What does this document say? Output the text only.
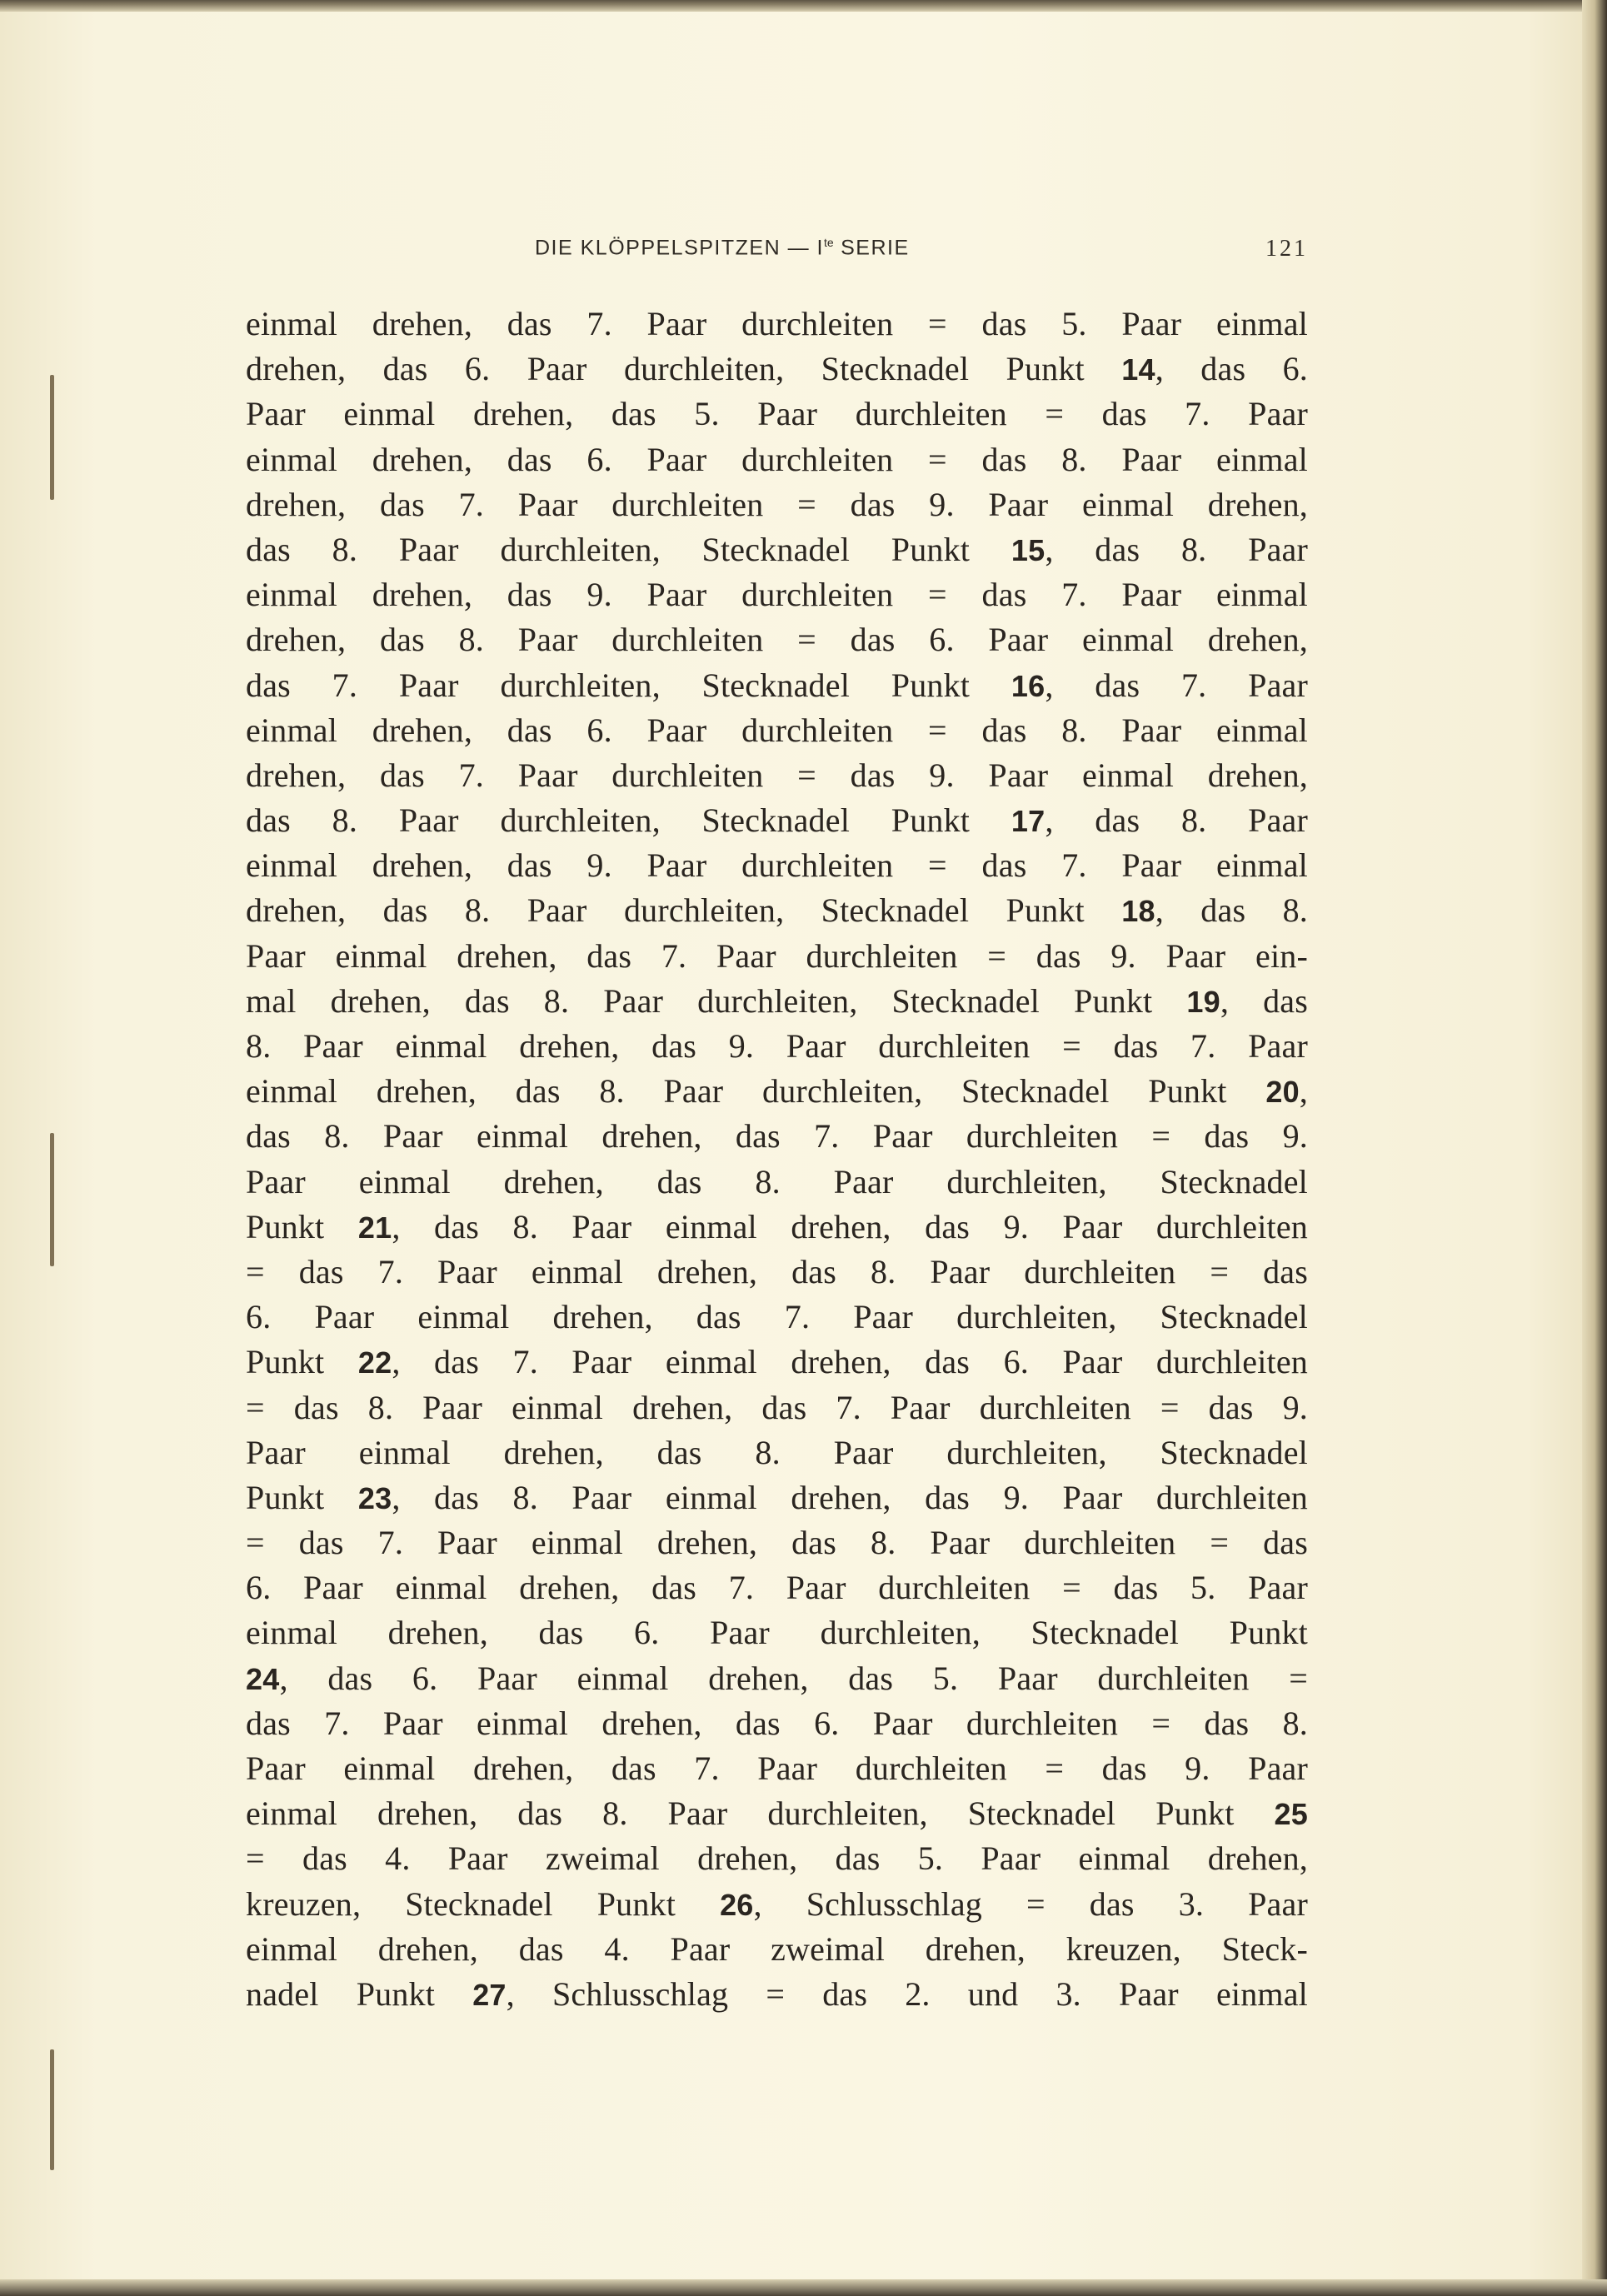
DIE KLÖPPELSPITZEN — $I^{te}$ SERIE	121
einmal drehen, das 7. Paar durchleiten = das 5. Paar einmal
drehen, das 6. Paar durchleiten, Stecknadel Punkt 14, das 6.
Paar einmal drehen, das 5. Paar durchleiten = das 7. Paar
einmal drehen, das 6. Paar durchleiten = das 8. Paar einmal
drehen, das 7. Paar durchleiten = das 9. Paar einmal drehen,
das 8. Paar durchleiten, Stecknadel Punkt 15, das 8. Paar
einmal drehen, das 9. Paar durchleiten = das 7. Paar einmal
drehen, das 8. Paar durchleiten = das 6. Paar einmal drehen,
das 7. Paar durchleiten, Stecknadel Punkt 16, das 7. Paar
einmal drehen, das 6. Paar durchleiten = das 8. Paar einmal
drehen, das 7. Paar durchleiten = das 9. Paar einmal drehen,
das 8. Paar durchleiten, Stecknadel Punkt 17, das 8. Paar
einmal drehen, das 9. Paar durchleiten = das 7. Paar einmal
drehen, das 8. Paar durchleiten, Stecknadel Punkt 18, das 8.
Paar einmal drehen, das 7. Paar durchleiten = das 9. Paar ein-
mal drehen, das 8. Paar durchleiten, Stecknadel Punkt 19, das
8. Paar einmal drehen, das 9. Paar durchleiten = das 7. Paar
einmal drehen, das 8. Paar durchleiten, Stecknadel Punkt 20,
das 8. Paar einmal drehen, das 7. Paar durchleiten = das 9.
Paar einmal drehen, das 8. Paar durchleiten, Stecknadel
Punkt 21, das 8. Paar einmal drehen, das 9. Paar durchleiten
= das 7. Paar einmal drehen, das 8. Paar durchleiten = das
6. Paar einmal drehen, das 7. Paar durchleiten, Stecknadel
Punkt 22, das 7. Paar einmal drehen, das 6. Paar durchleiten
= das 8. Paar einmal drehen, das 7. Paar durchleiten = das 9.
Paar einmal drehen, das 8. Paar durchleiten, Stecknadel
Punkt 23, das 8. Paar einmal drehen, das 9. Paar durchleiten
= das 7. Paar einmal drehen, das 8. Paar durchleiten = das
6. Paar einmal drehen, das 7. Paar durchleiten = das 5. Paar
einmal drehen, das 6. Paar durchleiten, Stecknadel Punkt
24, das 6. Paar einmal drehen, das 5. Paar durchleiten =
das 7. Paar einmal drehen, das 6. Paar durchleiten = das 8.
Paar einmal drehen, das 7. Paar durchleiten = das 9. Paar
einmal drehen, das 8. Paar durchleiten, Stecknadel Punkt 25
= das 4. Paar zweimal drehen, das 5. Paar einmal drehen,
kreuzen, Stecknadel Punkt 26, Schlusschlag = das 3. Paar
einmal drehen, das 4. Paar zweimal drehen, kreuzen, Steck-
nadel Punkt 27, Schlusschlag = das 2. und 3. Paar einmal
